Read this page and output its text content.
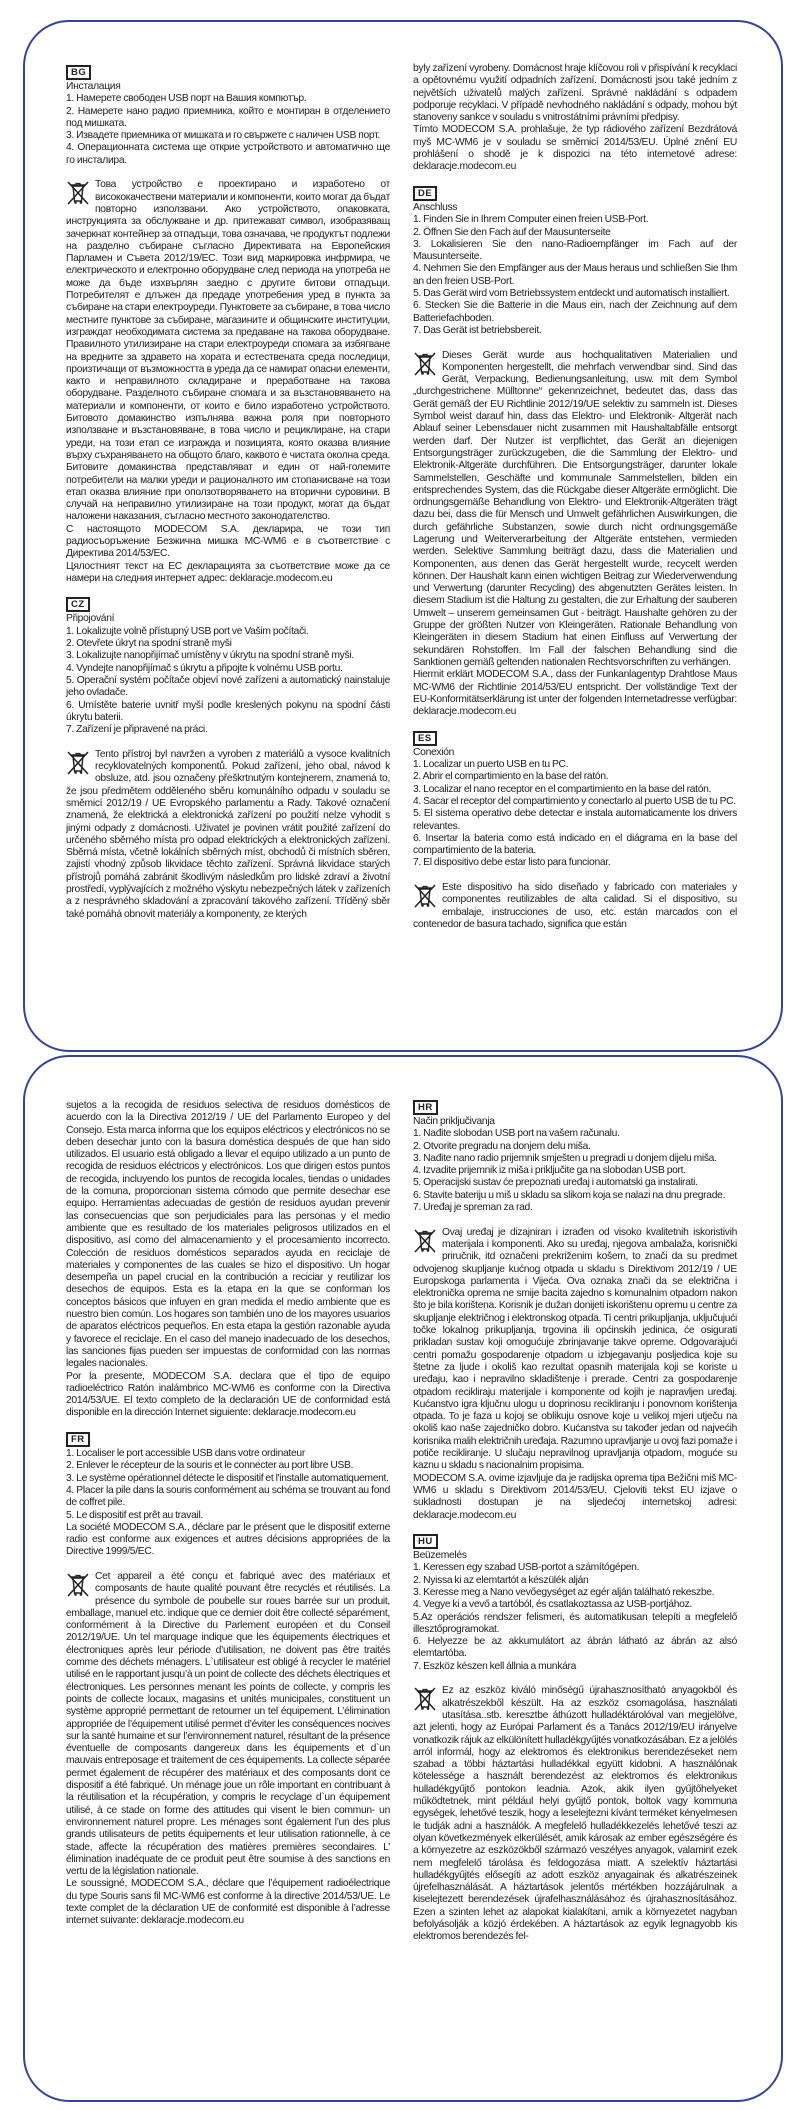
BG

Инсталация

1. Намерете свободен USB порт на Вашия компютър.

2. Намерете нано радио приемника, който е монтиран в отделението под мишката.

3. Извадете приемника от мишката и го свържете с наличен USB порт.

4. Операционната система ще открие устройството и автоматично ще го инсталира.

Това устройство е проектирано и изработено от висококачествени материали и компоненти, които могат да бъдат повторно използвани. Ако устройството, опаковката, инструкцията за обслужване и др. притежават символ, изобразяващ зачеркнат контейнер за отпадъци, това означава, че продуктът подлежи на разделно събиране съгласно Директивата на Европейския Парламен и Съвета 2012/19/ЕС. Този вид маркировка инфрмира, че електрическото и електронно оборудване след периода на употреба не може да бъде изхвърлян заедно с другите битови отпадъци. Потребителят е длъжен да предаде употребения уред в пункта за събиране на стари електроуреди. Пунктовете за събиране, в това число местните пунктове за събиране, магазините и общинските институции, изграждат необходимата система за предаване на такова оборудване. Правилното утилизиране на стари електроуреди спомага за избягване на вредните за здравето на хората и естествената среда последици, произтичащи от възможността в уреда да се намират опасни елементи, както и неправилното складиране и преработване на такова оборудване. Разделното събиране спомага и за възстановяването на материали и компоненти, от които е било изработено устройството. Битовото домакинство изпълнява важна роля при повторното използване и възстановяване, в това число и рециклиране, на стари уреди, на този етап се изгражда и позицията, която оказва влияние върху съхраняването на общото благо, каквото е чистата околна среда. Битовите домакинства представляват и един от най-големите потребители на малки уреди и рационалното им стопанисване на този етап оказва влияние при оползотворяването на вторични суровини. В случай на неправилно утилизиране на този продукт, могат да бъдат наложени наказания, съгласно местното законодателство.

С настоящото MODECOM S.A. декларира, че този тип радиосъоръжение Безжична мишка MC-WM6 е в съответствие с Директива 2014/53/ЕС.

Цялостният текст на ЕС декларацията за съответствие може да се намери на следния интернет адрес: deklaracje.modecom.eu

CZ

Připojování

1. Lokalizujte volně přístupný USB port ve Vašim počítači.

2. Otevřete úkryt na spodní straně myši

3. Lokalizujte nanopřijímač umístěny v úkrytu na spodní straně myši.

4. Vyndejte nanopřijímač s úkrytu a připojte k volnému USB portu.

5. Operační systém počítače objeví nové zařízeni a automatický nainstaluje jeho ovladače.

6. Umístěte baterie uvnitř myší podle kreslených pokynu na spodní části úkrytu baterii.

7. Zařízení je připravené na práci.

Tento přístroj byl navržen a vyroben z materiálů a vysoce kvalitních recyklovatelných komponentů. Pokud zařízení, jeho obal, návod k obsluze, atd. jsou označeny přeškrtnutým kontejnerem, znamená to, že jsou předmětem odděleného sběru komunálního odpadu v souladu se směmicí 2012/19 / UE Evropského parlamentu a Rady. Takové označení znamená, že elektrická a elektronická zařízení po použití nelze vyhodit s jinými odpady z domácnosti. Uživatel je povinen vrátit použité zařízení do určeného sběrného místa pro odpad elektrických a elektronických zařízení. Sběrná místa, včetně lokálních sběrných míst, obchodů či místních sběren, zajistí vhodný způsob likvidace těchto zařízení. Správná likvidace starých přístrojů pomáhá zabránit škodlivým následkům pro lidské zdraví a životní prostředí, vyplývajících z možného výskytu nebezpečných látek v zařízeních a z nesprávného skladování a zpracování takového zařízení. Tříděný sběr také pomáhá obnovit materiály a komponenty, ze kterých

byly zařízení vyrobeny. Domácnost hraje klíčovou roli v přispívání k recyklaci a opětovnému využití odpadních zařízení. Domácnosti jsou také jedním z největších uživatelů malých zařízení. Správné nakládání s odpadem podporuje recyklaci. V případě nevhodného nakládání s odpady, mohou být stanoveny sankce v souladu s vnitrostátními právními předpisy.

Tímto MODECOM S.A. prohlašuje, že typ rádiového zařízení Bezdrátová myš MC-WM6 je v souladu se směrnicí 2014/53/EU. Úplné znění EU prohlášení o shodě je k dispozici na této internetové adrese: deklaracje.modecom.eu

DE

Anschluss

1. Finden Sie in Ihrem Computer einen freien USB-Port.

2. Öffnen Sie den Fach auf der Mausunterseite

3. Lokalisieren Sie den nano-Radioempfänger im Fach auf der Mausunterseite.

4. Nehmen Sie den Empfänger aus der Maus heraus und schließen Sie Ihm an den freien USB-Port.

5. Das Gerät wird vom Betriebssystem entdeckt und automatisch installiert.

6. Stecken Sie die Batterie in die Maus ein, nach der Zeichnung auf dem Batteriefachboden.

7. Das Gerät ist betriebsbereit.

Dieses Gerät wurde aus hochqualitativen Materialien und Komponenten hergestellt, die mehrfach verwendbar sind. Sind das Gerät, Verpackung, Bedienungsanleitung, usw. mit dem Symbol „durchgestrichene Mülltonne“ gekennzeichnet, bedeutet das, dass das Gerät gemäß der EU Richtlinie 2012/19/UE selektiv zu sammeln ist. Dieses Symbol weist darauf hin, dass das Elektro- und Elektronik- Altgerät nach Ablauf seiner Lebensdauer nicht zusammen mit Haushaltabfälle entsorgt werden darf. Der Nutzer ist verpflichtet, das Gerät an diejenigen Entsorgungsträger zurückzugeben, die die Sammlung der Elektro- und Elektronik-Altgeräte durchführen. Die Entsorgungsträger, darunter lokale Sammelstellen, Geschäfte und kommunale Sammelstellen, bilden ein entsprechendes System, das die Rückgabe dieser Altgeräte ermöglicht. Die ordnungsgemäße Behandlung von Elektro- und Elektronik-Altgeräten trägt dazu bei, dass die für Mensch und Umwelt gefährlichen Auswirkungen, die durch gefährliche Substanzen, sowie durch nicht ordnungsgemäße Lagerung und Weiterverarbeitung der Altgeräte entstehen, vermieden werden. Selektive Sammlung beiträgt dazu, dass die Materialien und Komponenten, aus denen das Gerät hergestellt wurde, recycelt werden können. Der Haushalt kann einen wichtigen Beitrag zur Wiederverwendung und Verwertung (darunter Recycling) des abgenutzten Gerätes leisten. In diesem Stadium ist die Haltung zu gestalten, die zur Erhaltung der sauberen Umwelt – unserem gemeinsamen Gut - beiträgt. Haushalte gehören zu der Gruppe der größten Nutzer von Kleingeräten. Rationale Behandlung von Kleingeräten in diesem Stadium hat einen Einfluss auf Verwertung der sekundären Rohstoffen. Im Fall der falschen Behandlung sind die Sanktionen gemäß geltenden nationalen Rechtsvorschriften zu verhängen.

Hiermit erklärt MODECOM S.A., dass der Funkanlagentyp Drahtlose Maus MC-WM6 der Richtlinie 2014/53/EU entspricht. Der vollständige Text der EU-Konformitätserklärung ist unter der folgenden Internetadresse verfügbar: deklaracje.modecom.eu

ES

Conexión

1. Localizar un puerto USB en tu PC.

2. Abrir el compartimiento en la base del ratón.

3. Localizar el nano receptor en el compartimiento en la base del ratón.

4. Sacar el receptor del compartimiento y conectarlo al puerto USB de tu PC.

5. El sistema operativo debe detectar e instala automaticamente los drivers relevantes.

6. Insertar la bateria como está indicado en el diágrama en la base del compartimiento de la bateria.

7. El dispositivo debe estar listo para funcionar.

Este dispositivo ha sido diseñado y fabricado con materiales y componentes reutilizables de alta calidad. Si el dispositivo, su embalaje, instrucciones de uso, etc. están marcados con el contenedor de basura tachado, significa que están

sujetos a la recogida de residuos selectiva de residuos domésticos de acuerdo con la la Directiva 2012/19 / UE del Parlamento Europeo y del Consejo. Esta marca informa que los equipos eléctricos y electrónicos no se deben desechar junto con la basura doméstica después de que han sido utilizados. El usuario está obligado a llevar el equipo utilizado a un punto de recogida de residuos eléctricos y electrónicos. Los que dirigen estos puntos de recogida, incluyendo los puntos de recogida locales, tiendas o unidades de la comuna, proporcionan sistema cómodo que permite desechar ese equipo. Herramientas adecuadas de gestión de residuos ayudan prevenir las consecuencias que son perjudiciales para las personas y el medio ambiente que es resultado de los materiales peligrosos utilizados en el dispositivo, así como del almacenamiento y el procesamiento incorrecto. Colección de residuos domésticos separados ayuda en reciclaje de materiales y componentes de las cuales se hizo el dispositivo. Un hogar desempeña un papel crucial en la contribución a reciciar y reutilizar los desechos de equipos. Esta es la etapa en la que se conforman los conceptos básicos que infuyen en gran medida el medio ambiente que es nuestro bien común. Los hogares son también uno de los mayores usuarios de aparatos eléctricos pequeños. En esta etapa la gestión razonable ayuda y favorece el reciclaje. En el caso del manejo inadecuado de los desechos, las sanciones fijas pueden ser impuestas de conformidad con las normas legales nacionales.

Por la presente, MODECOM S.A. declara que el tipo de equipo radioeléctrico Ratón inalámbrico MC-WM6 es conforme con la Directiva 2014/53/UE. El texto completo de la declaración UE de conformidad está disponible en la dirección Internet siguiente: deklaracje.modecom.eu

FR

1. Localiser le port accessible USB dans votre ordinateur

2. Enlever le récepteur de la souris et le connecter au port libre USB.

3. Le système opérationnel détecte le dispositif et l'installe automatiquement.

4. Placer la pile dans la souris conformément au schéma se trouvant au fond de coffret pile.

5. Le dispositif est prêt au travail.

La société MODECOM S.A., déclare par le présent que le dispositif externe radio est conforme aux exigences et autres décisions appropriées de la Directive 1999/5/EC.

Cet appareil a été conçu et fabriqué avec des matériaux et composants de haute qualité pouvant être recyclés et réutilisés. La présence du symbole de poubelle sur roues barrée sur un produit, emballage, manuel etc. indique que ce dernier doit être collecté séparément, conformément à la Directive du Parlement européen et du Conseil 2012/19/UE. Un tel marquage indique que les équipements électriques et électroniques après leur période d’utilisation, ne doivent pas être traités comme des déchets ménagers. L`utilisateur est obligé à recycler le matériel utilisé en le rapportant jusqu’à un point de collecte des déchets électriques et électroniques. Les personnes menant les points de collecte, y compris les points de collecte locaux, magasins et unités municipales, constituent un système approprié permettant de retourner un tel équipement. L’élimination appropriée de l’équipement utilisé permet d’éviter les conséquences nocives sur la santé humaine et sur l’environnement naturel, résultant de la présence éventuelle de composants dangereux dans les équipements et d`un mauvais entreposage et traitement de ces équipements. La collecte séparée permet également de récupérer des matériaux et des composants dont ce dispositif a été fabriqué. Un ménage joue un rôle important en contribuant à la réutilisation et la récupération, y compris le recyclage d`un équipement utilisé, à ce stade on forme des attitudes qui visent le bien commun- un environnement naturel propre. Les ménages sont également l’un des plus grands utilisateurs de petits équipements et leur utilisation rationnelle, à ce stade, affecte la récupération des matières premières secondaires. L’ élimination inadéquate de ce produit peut être soumise à des sanctions en vertu de la législation nationale.

Le soussigné, MODECOM S.A., déclare que l’équipement radioélectrique du type Souris sans fil MC-WM6 est conforme à la directive 2014/53/UE. Le texte complet de la déclaration UE de conformité est disponible à l’adresse internet suivante: deklaracje.modecom.eu

HR

Način priključivanja

1. Nađite slobodan USB port na vašem računalu.

2. Otvorite pregradu na donjem delu miša.

3. Nađite nano radio prijemnik smješten u pregradi u donjem dijelu miša.

4. Izvadite prijemnik iz miša i priključite ga na slobodan USB port.

5. Operacijski sustav će prepoznati uređaj i automatski ga instalirati.

6. Stavite bateriju u miš u skladu sa slikom koja se nalazi na dnu pregrade.

7. Uređaj je spreman za rad.

Ovaj uređaj je dizajniran i izrađen od visoko kvalitetnih iskoristivih materijala i komponenti. Ako su uređaj, njegova ambalaža, korisnički priručnik, itd označeni prekriženim košem, to znači da su predmet odvojenog skupljanje kućnog otpada u skladu s Direktivom 2012/19 / UE Europskoga parlamenta i Vijeća. Ova oznaka znači da se električna i elektronička oprema ne smije bacita zajedno s komunalnim otpadom nakon što je bila korištena. Korisnik je dužan donijeti iskorištenu opremu u centre za skupljanje električnog i elektronskog otpada. Ti centri prikupljanja, uključujući točke lokalnog prikupljanja, trgovina ili općinskih jedinica, će osigurati prikladan sustav koji omogućuje zbrinjavanje takve opreme. Odgovarajući centri pomažu gospodarenje otpadom u izbjegavanju posljedica koje su štetne za ljude i okoliš kao rezultat opasnih materijala koji se koriste u uređaju, kao i nepravilno skladištenje i prerade. Centri za gospodarenje otpadom recikliraju materijale i komponente od kojih je napravljen uređaj. Kućanstvo igra ključnu ulogu u doprinosu recikliranju i ponovnom korištenja otpada. To je faza u kojoj se oblikuju osnove koje u velikoj mjeri utječu na okoliš kao naše zajedničko dobro. Kućanstva su također jedan od najvećih korisnika malih električnih uređaja. Razumno upravljanje u ovoj fazi pomaže i potiče recikliranje. U slučaju nepravilnog upravljanja otpadom, moguće su kaznu u skladu s nacionalnim propisima.

MODECOM S.A. ovime izjavljuje da je radijska oprema tipa Bežični miš MC-WM6 u skladu s Direktivom 2014/53/EU. Cjeloviti tekst EU izjave o sukladnosti dostupan je na sljedećoj internetskoj adresi: deklaracje.modecom.eu

HU

Beüzemelés

1. Keressen egy szabad USB-portot a számítógépen.

2. Nyissa ki az elemtartót a készülék alján

3. Keresse meg a Nano vevőegységet az egér alján található rekeszbe.

4. Vegye ki a vevő a tartóból, és csatlakoztassa az USB-portjához.

5.Az operációs rendszer felismeri, és automatikusan telepíti a megfelelő illesztőprogramokat.

6. Helyezze be az akkumulátort az ábrán látható az ábrán az alsó elemtartóba.

7. Eszköz készen kell állnia a munkára

Ez az eszköz kiváló minőségű újrahasznosítható anyagokból és alkatrészekből készült. Ha az eszköz csomagolása, használati utasítása..stb. keresztbe áthúzott hulladéktárolóval van megjelölve, azt jelenti, hogy az Európai Parlament és a Tanács 2012/19/EU irányelve vonatkozik rájuk az elkülönített hulladékgyűjtés vonatkozásában. Ez a jelölés arról informál, hogy az elektromos és elektronikus berendezéseket nem szabad a többi háztartási hulladékkal együtt kidobni. A használónak kötelessége a használt berendezést az elektromos és elektronikus hulladékgyűjtő pontokon leadnia. Azok, akik ilyen gyűjtőhelyeket működtetnek, mint például helyi gyűjtő pontok, boltok vagy kommuna egységek, lehetővé teszik, hogy a leselejtezni kívánt terméket kényelmesen le tudják adni a használók. A megfelelő hulladékkezelés lehetővé teszi az olyan következmények elkerülését, amik károsak az ember egészségére és a környezetre az eszközökből származó veszélyes anyagok, valamint ezek nem megfelelő tárolása és feldogozása miatt. A szelektív háztartási hulladékgyűjtés elősegíti az adott eszköz anyagainak és alkatrészeinek újrefelhasználását. A háztartások jelentős mértékben hozzájárulnak a kiselejtezett berendezések újrafelhasználásához és újrahasznosításához. Ezen a szinten lehet az alapokat kialakítani, amik a környezetet nagyban befolyásolják a közjó érdekében. A háztartások az egyik legnagyobb kis elektromos berendezés fel-
